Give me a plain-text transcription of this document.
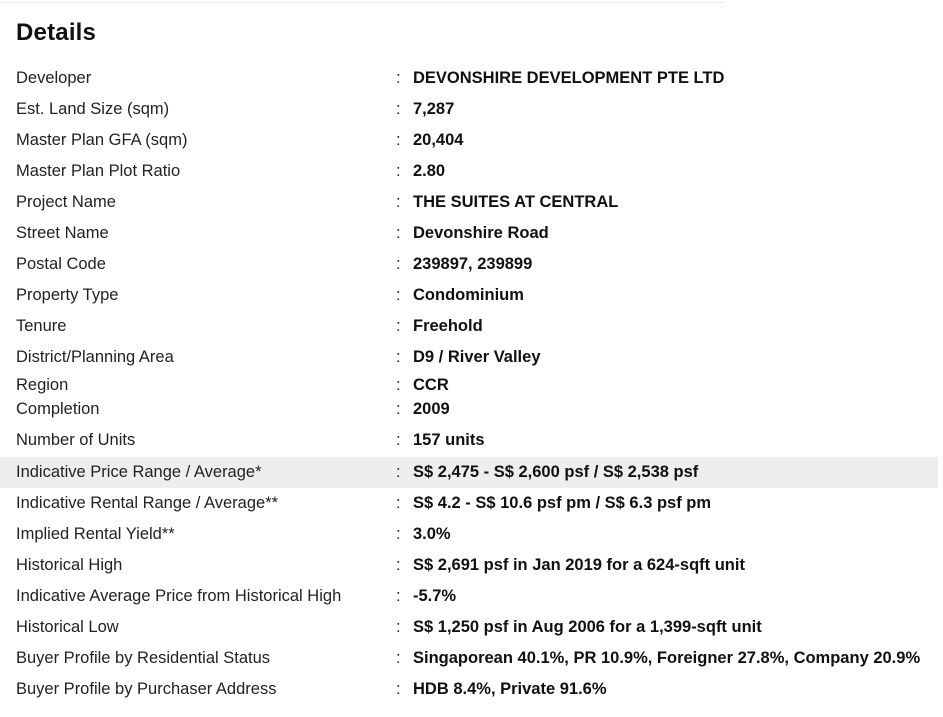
Details
Developer	: DEVONSHIRE DEVELOPMENT PTE LTD
Est. Land Size (sqm)	: 7,287
Master Plan GFA (sqm)	: 20,404
Master Plan Plot Ratio	: 2.80
Project Name	: THE SUITES AT CENTRAL
Street Name	: Devonshire Road
Postal Code	: 239897, 239899
Property Type	: Condominium
Tenure	: Freehold
District/Planning Area	: D9 / River Valley
Region	: CCR
Completion	: 2009
Number of Units	: 157 units
Indicative Price Range / Average*	: S$ 2,475 - S$ 2,600 psf / S$ 2,538 psf
Indicative Rental Range / Average**	: S$ 4.2 - S$ 10.6 psf pm / S$ 6.3 psf pm
Implied Rental Yield**	: 3.0%
Historical High	: S$ 2,691 psf in Jan 2019 for a 624-sqft unit
Indicative Average Price from Historical High	: -5.7%
Historical Low	: S$ 1,250 psf in Aug 2006 for a 1,399-sqft unit
Buyer Profile by Residential Status	: Singaporean 40.1%, PR 10.9%, Foreigner 27.8%, Company 20.9%
Buyer Profile by Purchaser Address	: HDB 8.4%, Private 91.6%
